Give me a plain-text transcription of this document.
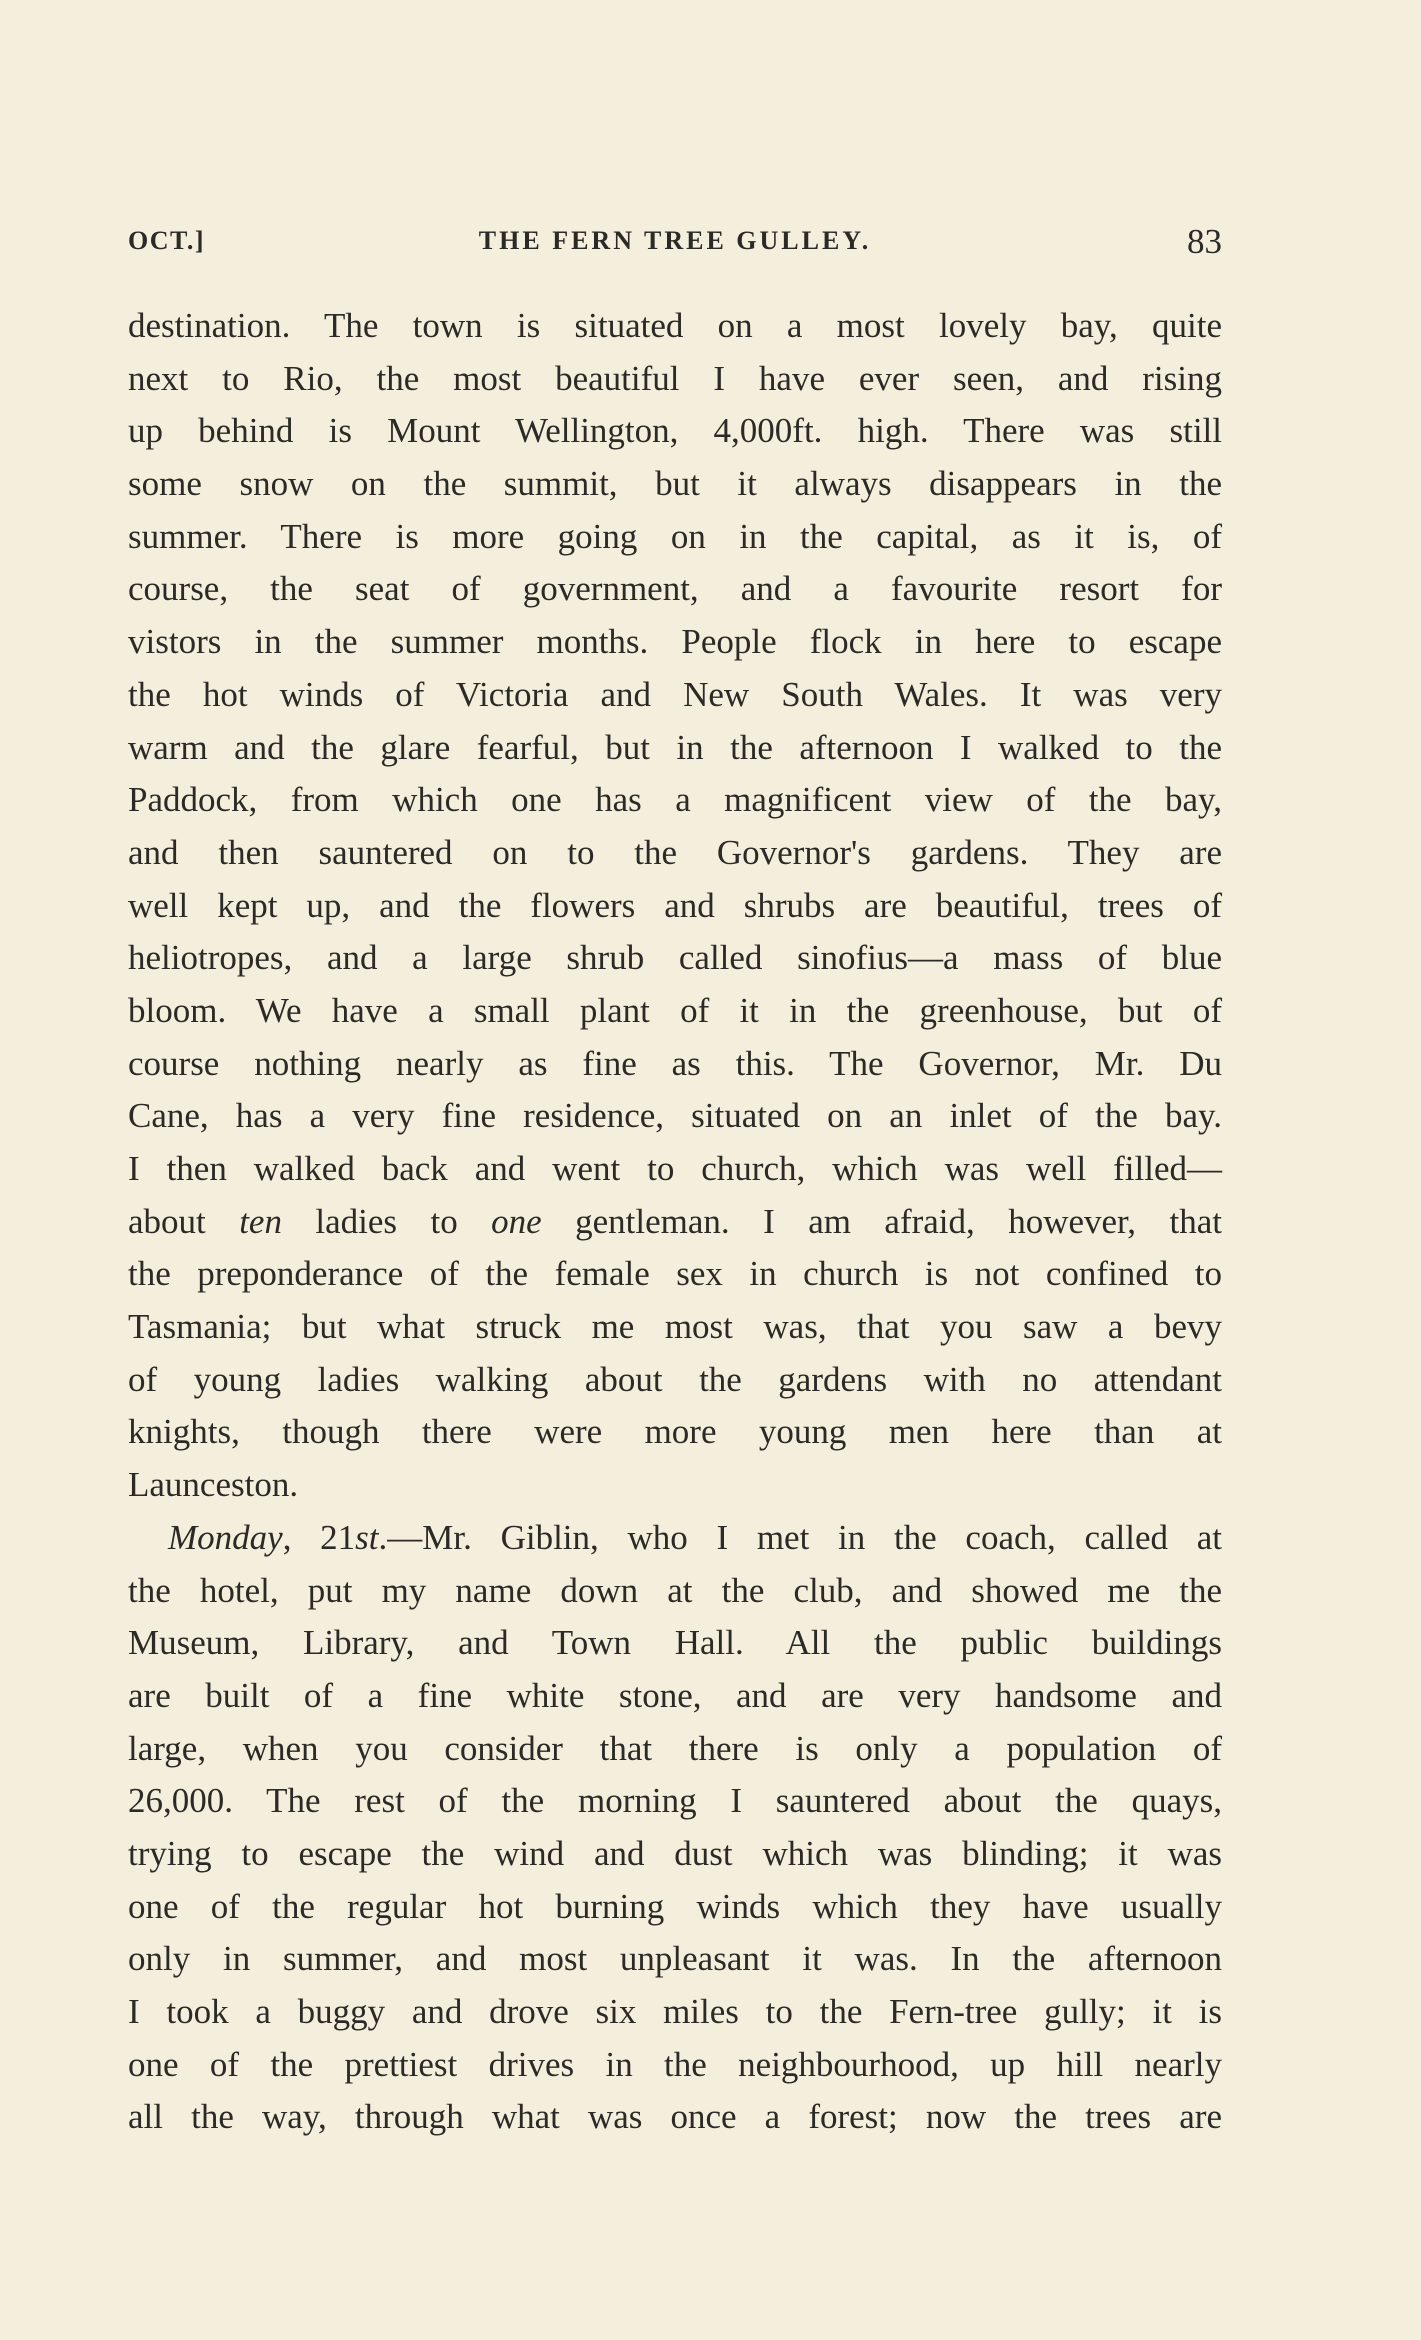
OCT.]	THE FERN TREE GULLEY.	83
destination. The town is situated on a most lovely bay, quite
next to Rio, the most beautiful I have ever seen, and rising
up behind is Mount Wellington, 4,000ft. high. There was still
some snow on the summit, but it always disappears in the
summer. There is more going on in the capital, as it is, of
course, the seat of government, and a favourite resort for
vistors in the summer months. People flock in here to escape
the hot winds of Victoria and New South Wales. It was very
warm and the glare fearful, but in the afternoon I walked to the
Paddock, from which one has a magnificent view of the bay,
and then sauntered on to the Governor's gardens. They are
well kept up, and the flowers and shrubs are beautiful, trees of
heliotropes, and a large shrub called sinofius—a mass of blue
bloom. We have a small plant of it in the greenhouse, but of
course nothing nearly as fine as this. The Governor, Mr. Du
Cane, has a very fine residence, situated on an inlet of the bay.
I then walked back and went to church, which was well filled—
about ten ladies to one gentleman. I am afraid, however, that
the preponderance of the female sex in church is not confined to
Tasmania; but what struck me most was, that you saw a bevy
of young ladies walking about the gardens with no attendant
knights, though there were more young men here than at
Launceston.
Monday, 21st.—Mr. Giblin, who I met in the coach, called at
the hotel, put my name down at the club, and showed me the
Museum, Library, and Town Hall. All the public buildings
are built of a fine white stone, and are very handsome and
large, when you consider that there is only a population of
26,000. The rest of the morning I sauntered about the quays,
trying to escape the wind and dust which was blinding; it was
one of the regular hot burning winds which they have usually
only in summer, and most unpleasant it was. In the afternoon
I took a buggy and drove six miles to the Fern-tree gully; it is
one of the prettiest drives in the neighbourhood, up hill nearly
all the way, through what was once a forest; now the trees are
